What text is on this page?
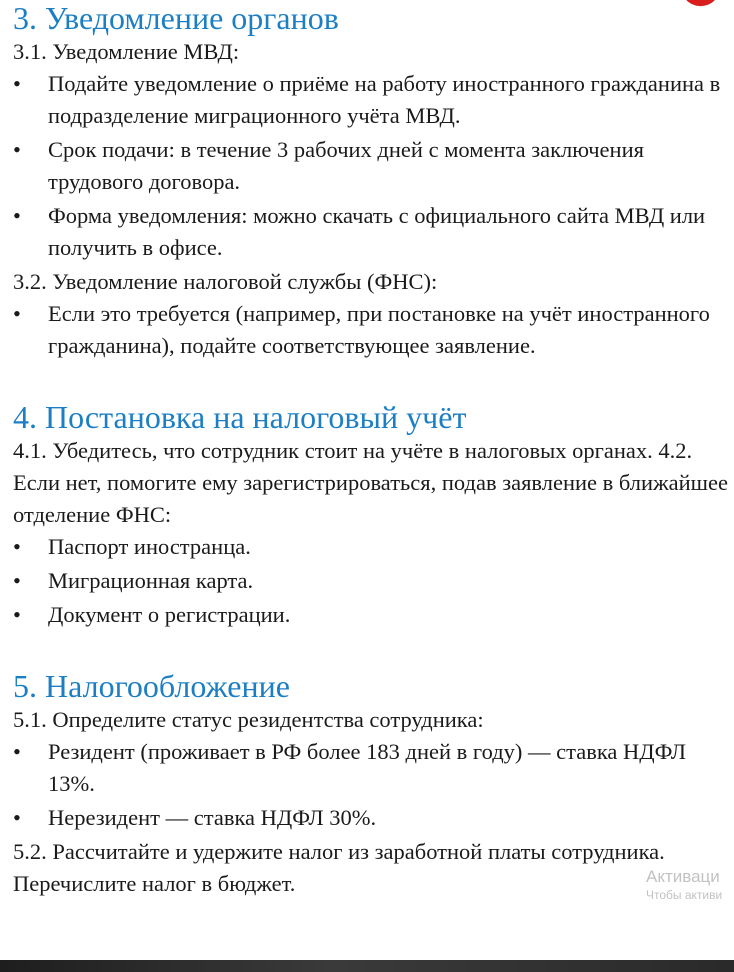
3. Уведомление органов

3.1. Уведомление МВД:

•	Подайте уведомление о приёме на работу иностранного гражданина в подразделение миграционного учёта МВД.
•	Срок подачи: в течение 3 рабочих дней с момента заключения трудового договора.
•	Форма уведомления: можно скачать с официального сайта МВД или получить в офисе.

3.2. Уведомление налоговой службы (ФНС):

•	Если это требуется (например, при постановке на учёт иностранного гражданина), подайте соответствующее заявление.
4. Постановка на налоговый учёт

4.1. Убедитесь, что сотрудник стоит на учёте в налоговых органах. 4.2. Если нет, помогите ему зарегистрироваться, подав заявление в ближайшее отделение ФНС:

•	Паспорт иностранца.
•	Миграционная карта.
•	Документ о регистрации.
5. Налогообложение

5.1. Определите статус резидентства сотрудника:

•	Резидент (проживает в РФ более 183 дней в году) — ставка НДФЛ 13%.
•	Нерезидент — ставка НДФЛ 30%.

5.2. Рассчитайте и удержите налог из заработной платы сотрудника. Перечислите налог в бюджет.	Активаци
Чтобы активи
